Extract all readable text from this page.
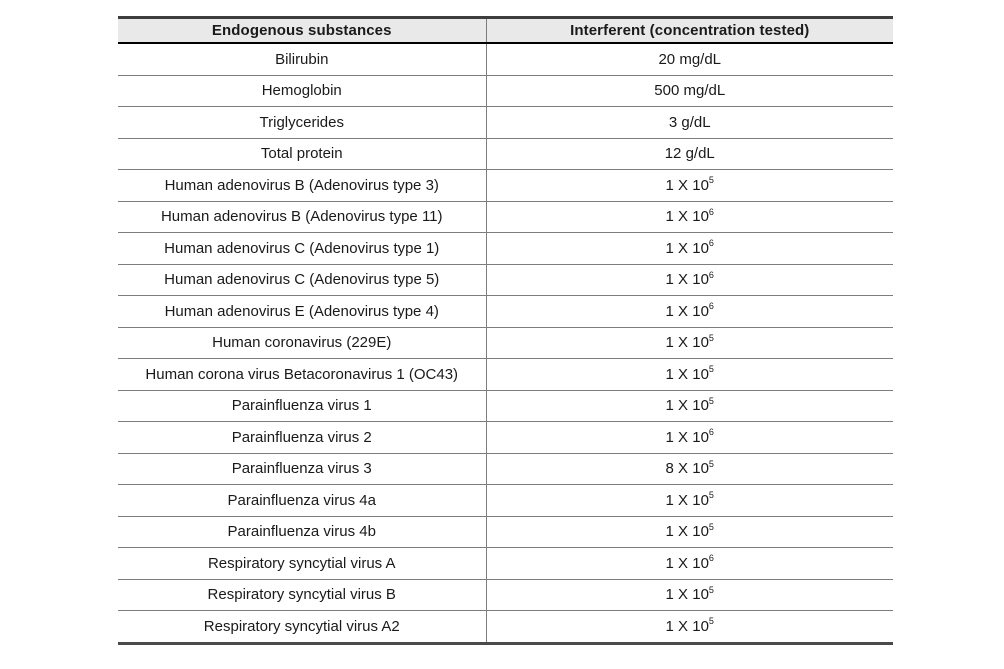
Endogenous substances	Interferent (concentration tested)
Bilirubin	20 mg/dL
Hemoglobin	500 mg/dL
Triglycerides	3 g/dL
Total protein	12 g/dL
Human adenovirus B (Adenovirus type 3)	1 X $10^5$
Human adenovirus B (Adenovirus type 11)	1 X $10^6$
Human adenovirus C (Adenovirus type 1)	1 X $10^6$
Human adenovirus C (Adenovirus type 5)	1 X $10^6$
Human adenovirus E (Adenovirus type 4)	1 X $10^6$
Human coronavirus (229E)	1 X $10^5$
Human corona virus Betacoronavirus 1 (OC43)	1 X $10^5$
Parainfluenza virus 1	1 X $10^5$
Parainfluenza virus 2	1 X $10^6$
Parainfluenza virus 3	8 X $10^5$
Parainfluenza virus 4a	1 X $10^5$
Parainfluenza virus 4b	1 X $10^5$
Respiratory syncytial virus A	1 X $10^6$
Respiratory syncytial virus B	1 X $10^5$
Respiratory syncytial virus A2	1 X $10^5$
